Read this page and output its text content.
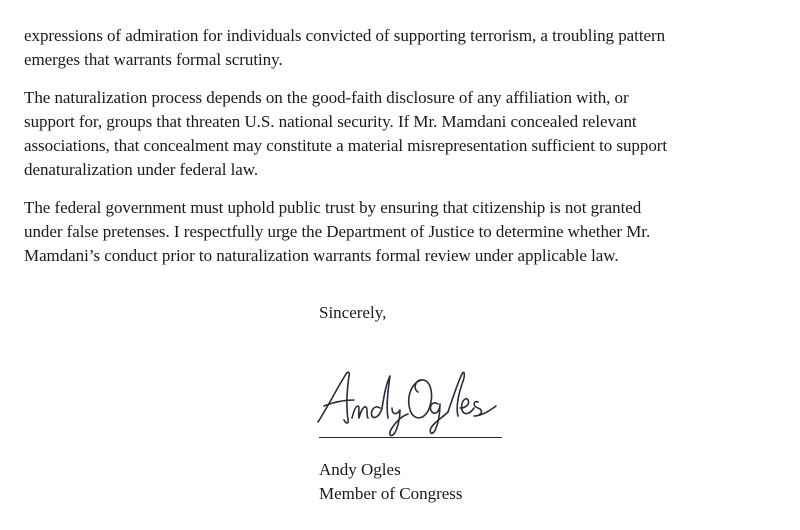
expressions of admiration for individuals convicted of supporting terrorism, a troubling pattern
emerges that warrants formal scrutiny.

The naturalization process depends on the good-faith disclosure of any affiliation with, or
support for, groups that threaten U.S. national security. If Mr. Mamdani concealed relevant
associations, that concealment may constitute a material misrepresentation sufficient to support
denaturalization under federal law.

The federal government must uphold public trust by ensuring that citizenship is not granted
under false pretenses. I respectfully urge the Department of Justice to determine whether Mr.
Mamdani’s conduct prior to naturalization warrants formal review under applicable law.

Sincerely,

Andy Ogles
Member of Congress
